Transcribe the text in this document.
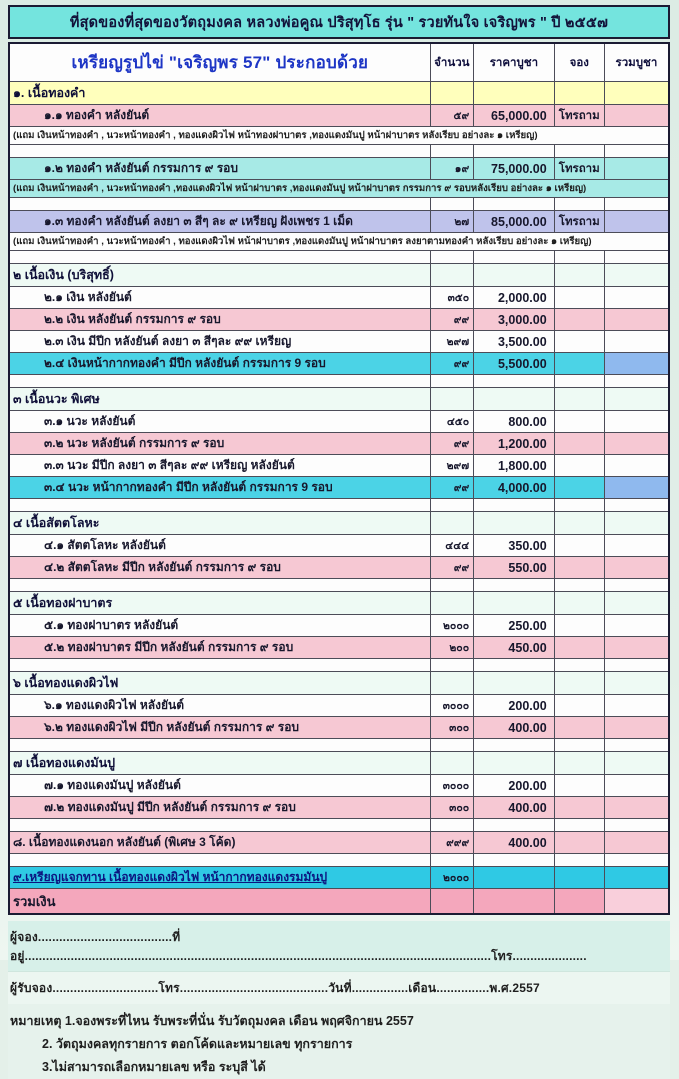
ที่สุดของที่สุดของวัตถุมงคล หลวงพ่อคูณ ปริสุทฺโธ รุ่น " รวยทันใจ เจริญพร " ปี ๒๕๕๗
เหรียญรูปไข่ "เจริญพร 57" ประกอบด้วย	จำนวน	ราคาบูชา	จอง	รวมบูชา
๑. เนื้อทองคำ				
๑.๑ ทองคำ หลังยันต์	๕๙	65,000.00	โทรถาม	
(แถม เงินหน้าทองคำ , นวะหน้าทองคำ , ทองแดงผิวไฟ หน้าทองฝาบาตร ,ทองแดงมันปู หน้าฝาบาตร หลังเรียบ อย่างละ ๑ เหรียญ)				

๑.๒ ทองคำ หลังยันต์ กรรมการ ๙ รอบ	๑๙	75,000.00	โทรถาม	
(แถม เงินหน้าทองคำ , นวะหน้าทองคำ ,ทองแดงผิวไฟ หน้าฝาบาตร ,ทองแดงมันปู หน้าฝาบาตร กรรมการ ๙ รอบหลังเรียบ อย่างละ ๑ เหรียญ)				

๑.๓ ทองคำ หลังยันต์ ลงยา ๓ สีๆ ละ ๙ เหรียญ ฝังเพชร 1 เม็ด	๒๗	85,000.00	โทรถาม	
(แถม เงินหน้าทองคำ , นวะหน้าทองคำ , ทองแดงผิวไฟ หน้าฝาบาตร ,ทองแดงมันปู หน้าฝาบาตร ลงยาตามทองคำ หลังเรียบ อย่างละ ๑ เหรียญ)				

๒ เนื้อเงิน (บริสุทธิ์)				
๒.๑ เงิน หลังยันต์	๓๕๐	2,000.00		
๒.๒ เงิน หลังยันต์ กรรมการ ๙ รอบ	๙๙	3,000.00		
๒.๓ เงิน มีปีก หลังยันต์ ลงยา ๓ สีๆละ ๙๙ เหรียญ	๒๙๗	3,500.00		
๒.๔ เงินหน้ากากทองคำ มีปีก หลังยันต์ กรรมการ 9 รอบ	๙๙	5,500.00		

๓ เนื้อนวะ พิเศษ				
๓.๑ นวะ หลังยันต์	๔๕๐	800.00		
๓.๒ นวะ หลังยันต์ กรรมการ ๙ รอบ	๙๙	1,200.00		
๓.๓ นวะ มีปีก ลงยา ๓ สีๆละ ๙๙ เหรียญ หลังยันต์	๒๙๗	1,800.00		
๓.๔ นวะ หน้ากากทองคำ มีปีก หลังยันต์ กรรมการ 9 รอบ	๙๙	4,000.00		

๔ เนื้อสัตตโลหะ				
๔.๑ สัตตโลหะ หลังยันต์	๔๔๔	350.00		
๔.๒ สัตตโลหะ มีปีก หลังยันต์ กรรมการ ๙ รอบ	๙๙	550.00		

๕ เนื้อทองฝาบาตร				
๕.๑ ทองฝาบาตร หลังยันต์	๒๐๐๐	250.00		
๕.๒ ทองฝาบาตร มีปีก หลังยันต์ กรรมการ ๙ รอบ	๒๐๐	450.00		

๖ เนื้อทองแดงผิวไฟ				
๖.๑ ทองแดงผิวไฟ หลังยันต์	๓๐๐๐	200.00		
๖.๒ ทองแดงผิวไฟ มีปีก หลังยันต์ กรรมการ ๙ รอบ	๓๐๐	400.00		

๗ เนื้อทองแดงมันปู				
๗.๑ ทองแดงมันปู หลังยันต์	๓๐๐๐	200.00		
๗.๒ ทองแดงมันปู มีปีก หลังยันต์ กรรมการ ๙ รอบ	๓๐๐	400.00		

๘. เนื้อทองแดงนอก หลังยันต์ (พิเศษ 3 โค้ด)	๙๙๙	400.00		

๙.เหรียญแจกทาน เนื้อทองแดงผิวไฟ หน้ากากทองแดงรมมันปู	๒๐๐๐			
รวมเงิน				
ผู้จอง......................................ที่อยู่....................................................................................................................................โทร.....................
ผู้รับจอง..............................โทร..........................................วันที่................เดือน...............พ.ศ.2557
หมายเหตุ 1.จองพระที่ไหน รับพระที่นั่น รับวัตถุมงคล เดือน พฤศจิกายน 2557
2. วัตถุมงคลทุกรายการ ตอกโค้ดและหมายเลข ทุกรายการ
3.ไม่สามารถเลือกหมายเลข หรือ ระบุสี ได้
